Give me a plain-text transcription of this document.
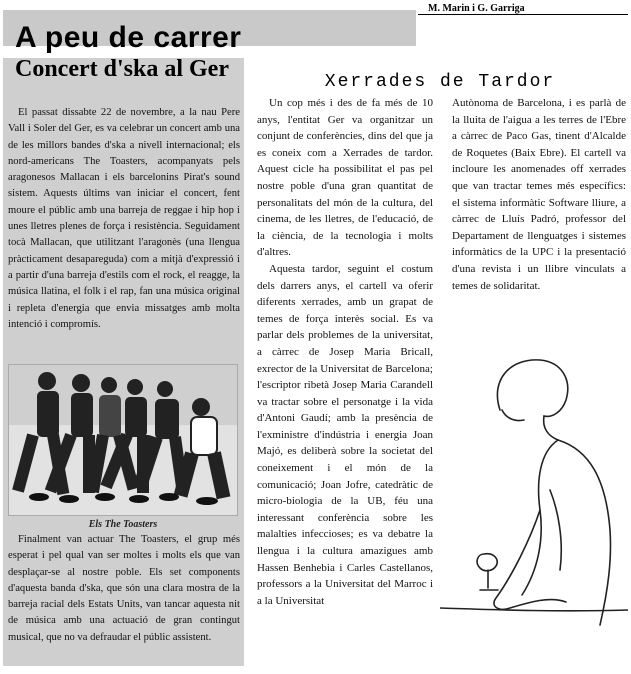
M. Marin i G. Garriga
A peu de carrer
Concert d'ska al Ger
El passat dissabte 22 de novembre, a la nau Pere Vall i Soler del Ger, es va celebrar un concert amb una de les millors bandes d'ska a nivell internacional; els nord-americans The Toasters, acompanyats pels aragonesos Mallacan i els barcelonins Pirat's sound sistem. Aquests últims van iniciar el concert, fent moure el públic amb una barreja de reggae i hip hop i unes lletres plenes de força i resistència. Seguidament tocà Mallacan, que utilitzant l'aragonès (una llengua pràcticament desapareguda) com a mitjà d'expressió i a partir d'una barreja d'estils com el rock, el reagge, la música llatina, el folk i el rap, fan una música original i repleta d'energia que envia missatges amb molta intenció i compromís.
Els The Toasters
Finalment van actuar The Toasters, el grup més esperat i pel qual van ser moltes i molts els que van desplaçar-se al nostre poble. Els set components d'aquesta banda d'ska, que són una clara mostra de la barreja racial dels Estats Units, van tancar aquesta nit de música amb una actuació de gran contingut musical, que no va defraudar el públic assistent.
Xerrades de Tardor

Un cop més i des de fa més de 10 anys, l'entitat Ger va organitzar un conjunt de conferències, dins del que ja es coneix com a Xerrades de tardor. Aquest cicle ha possibilitat el pas pel nostre poble d'una gran quantitat de personalitats del món de la cultura, del cinema, de les lletres, de l'educació, de la ciència, de la tecnologia i molts d'altres.

Aquesta tardor, seguint el costum dels darrers anys, el cartell va oferir diferents xerrades, amb un grapat de temes de força interès social. Es va parlar dels problemes de la universitat, a càrrec de Josep Maria Bricall, exrector de la Universitat de Barcelona; l'escriptor ribetà Josep Maria Carandell va tractar sobre el personatge i la vida d'Antoni Gaudí; amb la presència de l'exministre d'indústria i energia Joan Majó, es deliberà sobre la societat del coneixement i el món de la comunicació; Joan Jofre, catedràtic de micro-biologia de la UB, féu una interessant conferència sobre les malalties infeccioses; es va debatre la llengua i la cultura amazigues amb Hassen Benhebia i Carles Castellanos, professors a la Universitat del Marroc i a la Universitat

Autònoma de Barcelona, i es parlà de la lluita de l'aigua a les terres de l'Ebre a càrrec de Paco Gas, tinent d'Alcalde de Roquetes (Baix Ebre). El cartell va incloure les anomenades off xerrades que van tractar temes més específics: el sistema informàtic Software lliure, a càrrec de Lluís Padró, professor del Departament de llenguatges i sistemes informàtics de la UPC i la presentació d'una revista i un llibre vinculats a temes de solidaritat.
